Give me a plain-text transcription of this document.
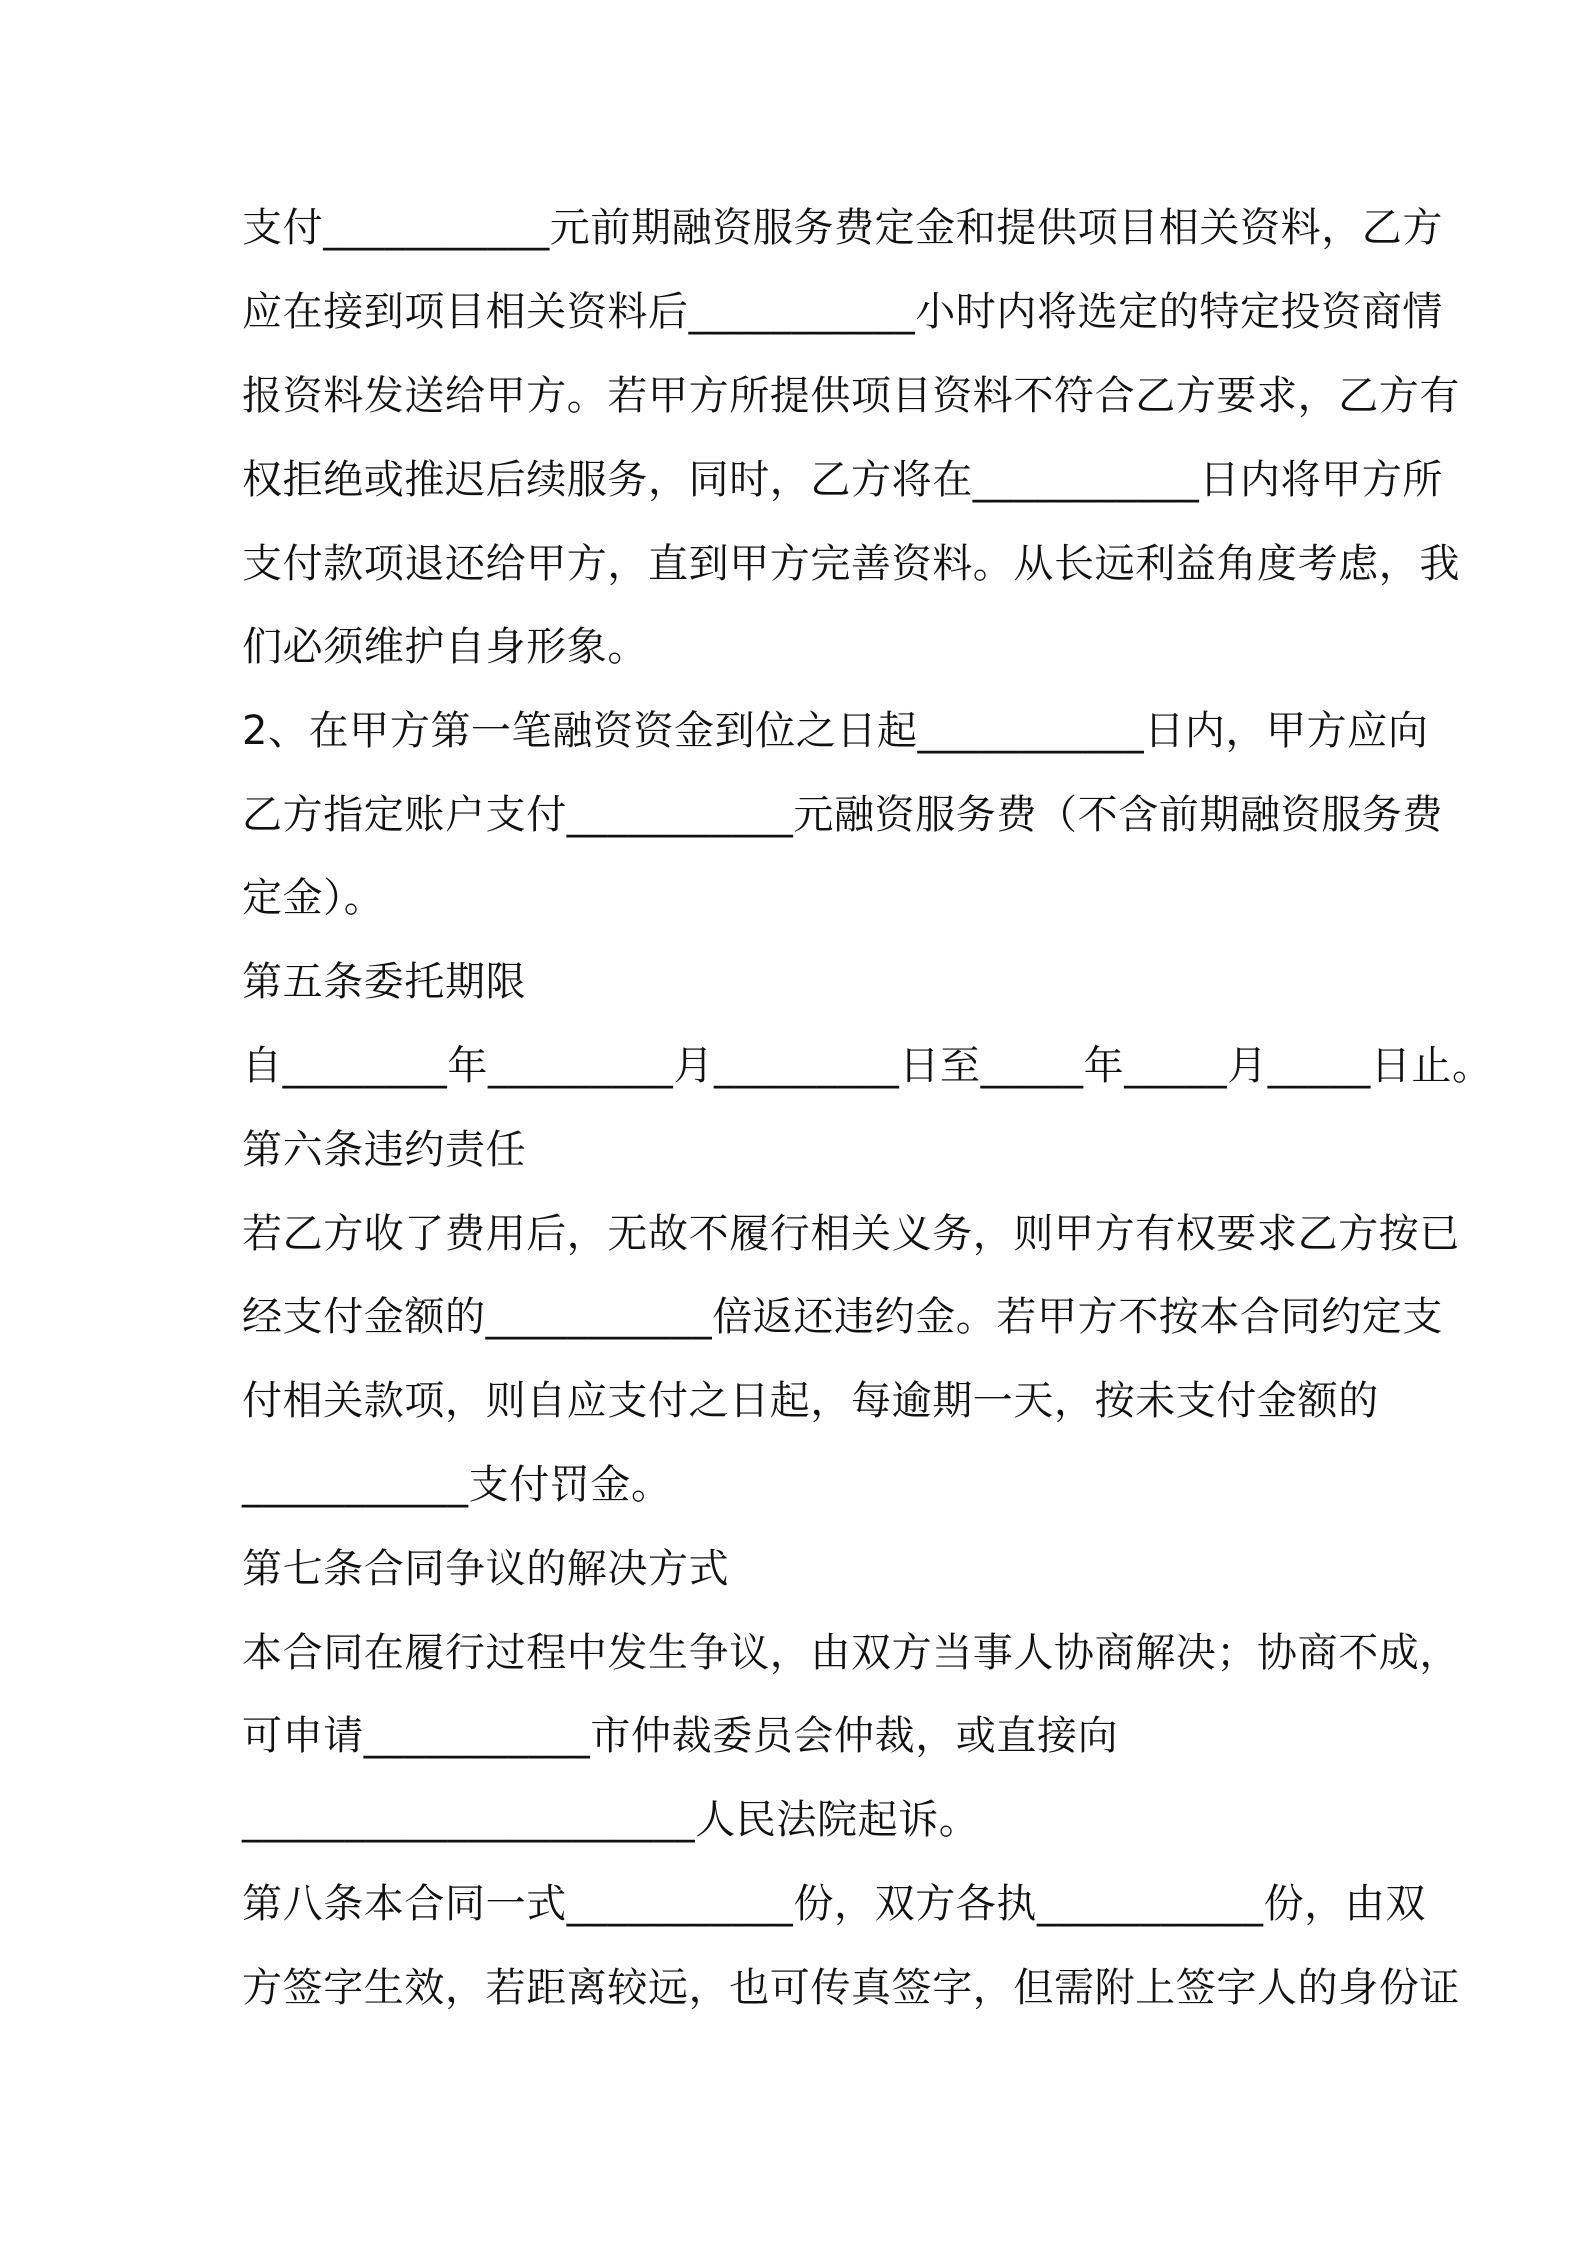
支付___________元前期融资服务费定金和提供项目相关资料，乙方
应在接到项目相关资料后___________小时内将选定的特定投资商情
报资料发送给甲方。若甲方所提供项目资料不符合乙方要求，乙方有
权拒绝或推迟后续服务，同时，乙方将在___________日内将甲方所
支付款项退还给甲方，直到甲方完善资料。从长远利益角度考虑，我
们必须维护自身形象。
2、在甲方第一笔融资资金到位之日起___________日内，甲方应向
乙方指定账户支付___________元融资服务费（不含前期融资服务费
定金）。
第五条委托期限
自________年_________月_________日至_____年_____月_____日止。
第六条违约责任
若乙方收了费用后，无故不履行相关义务，则甲方有权要求乙方按已
经支付金额的___________倍返还违约金。若甲方不按本合同约定支
付相关款项，则自应支付之日起，每逾期一天，按未支付金额的
___________支付罚金。
第七条合同争议的解决方式
本合同在履行过程中发生争议，由双方当事人协商解决；协商不成，
可申请___________市仲裁委员会仲裁，或直接向
______________________人民法院起诉。
第八条本合同一式___________份，双方各执___________份，由双
方签字生效，若距离较远，也可传真签字，但需附上签字人的身份证
